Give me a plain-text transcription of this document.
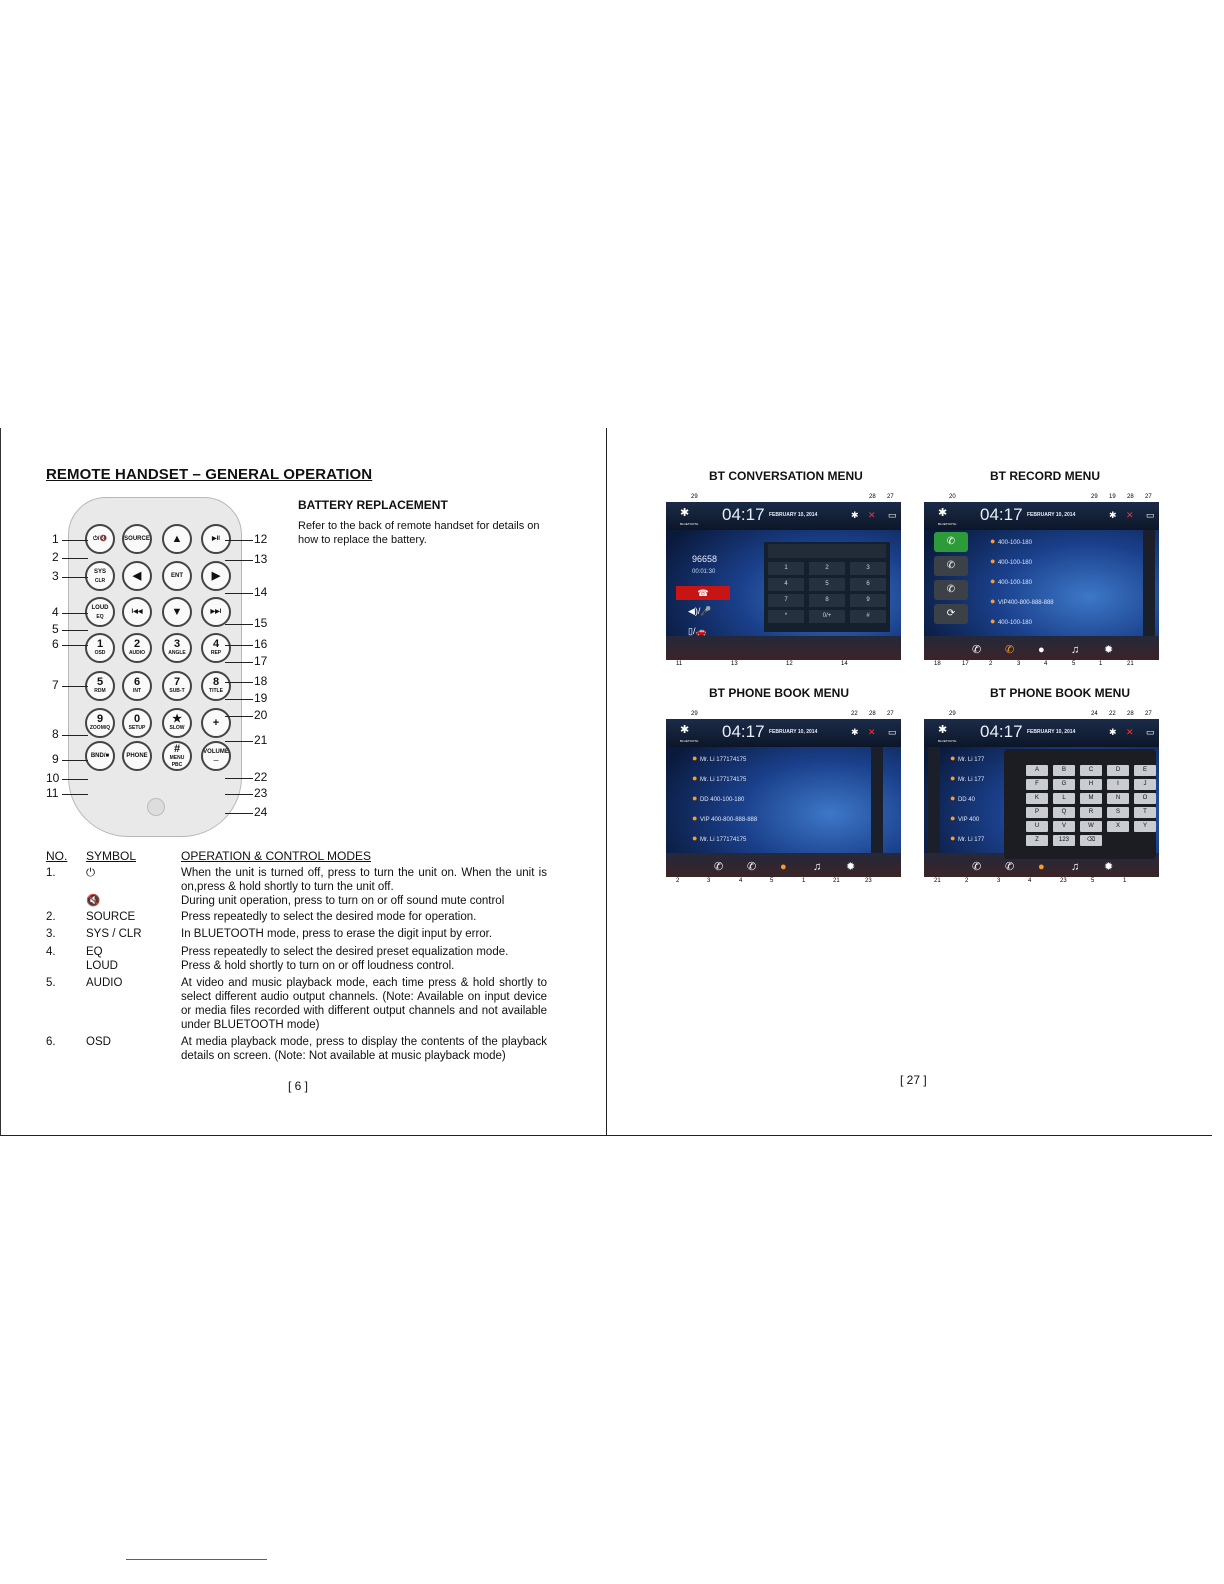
REMOTE HANDSET – GENERAL OPERATION
BATTERY REPLACEMENT
Refer to the back of remote handset for details on how to replace the battery.
⏻/🔇	SOURCE ▲	▶II
SYS
CLR	◀	ENT	▶
LOUD
EQ
I◀◀	▼	▶▶I
1
OSD
2
AUDIO
3
ANGLE
4
REP
5
RDM
6
INT
7
SUB-T
8
TITLE
9
ZOOM/Q
0
SETUP
★
SLOW	+
BND/■	PHONE
#
MENU PBC
VOLUME
—
1
2
3
4
5
6
7
8
9
10
11
12
13
14
15
16
17
18
19
20
21
22
23
24
NO. SYMBOL	OPERATION & CONTROL MODES
1.	⏻	When the unit is turned off, press to turn the unit on. When the unit is on,press & hold shortly to turn the unit off.
🔇	During unit operation, press to turn on or off sound mute control
2.	SOURCE	Press repeatedly to select the desired mode for operation.
3.	SYS / CLR	In BLUETOOTH mode, press to erase the digit input by error.
4.	EQ	Press repeatedly to select the desired preset equalization mode.
LOUD	Press & hold shortly to turn on or off loudness control.
5.	AUDIO	At video and music playback mode, each time press & hold shortly to select different audio output channels. (Note: Available on input device or media files recorded with different output channels and not available under BLUETOOTH mode)
6.	OSD	At media playback mode, press to display the contents of the playback details on screen. (Note: Not available at music playback mode)
[ 6 ]
BT CONVERSATION MENU
✱
BLUETOOTH 04:17 FEBRUARY 10, 2014	✱ ✕ ▭
96658
00:01:30
☎
◀)/🎤
▯/🚗
1	2	3
4	5	6
7	8	9
*	0/+	#
29	28 27
11	13	12	14
BT RECORD MENU
✱
BLUETOOTH 04:17 FEBRUARY 10, 2014	✱ ✕ ▭
✆ ✆ ● ♫ ✹
✆
✆
✆
⟳
● 400-100-180
● 400-100-180
● 400-100-180
● VIP400-800-888-888
● 400-100-180
20	29 19 28 27
18	17	2	3	4	5	1	21
BT PHONE BOOK MENU
✱
BLUETOOTH 04:17 FEBRUARY 10, 2014	✱ ✕ ▭
✆ ✆ ● ♫ ✹
● Mr. Li 177174175
● Mr. Li 177174175
● DD 400-100-180
● VIP 400-800-888-888
● Mr. Li 177174175
29	22 28 27
2	3	4	5	1	21	23
BT PHONE BOOK MENU
✱
BLUETOOTH 04:17 FEBRUARY 10, 2014	✱ ✕ ▭
✆ ✆ ● ♫ ✹
● Mr. Li 177
● Mr. Li 177
● DD 40
● VIP 400
● Mr. Li 177
A	B	C	D	E
F	G	H	I	J
K	L	M	N	O
P	Q	R	S	T
U	V	W	X	Y
Z	123	⌫
29	24 22 28 27
21	2	3	4	23	5	1
[ 27 ]
